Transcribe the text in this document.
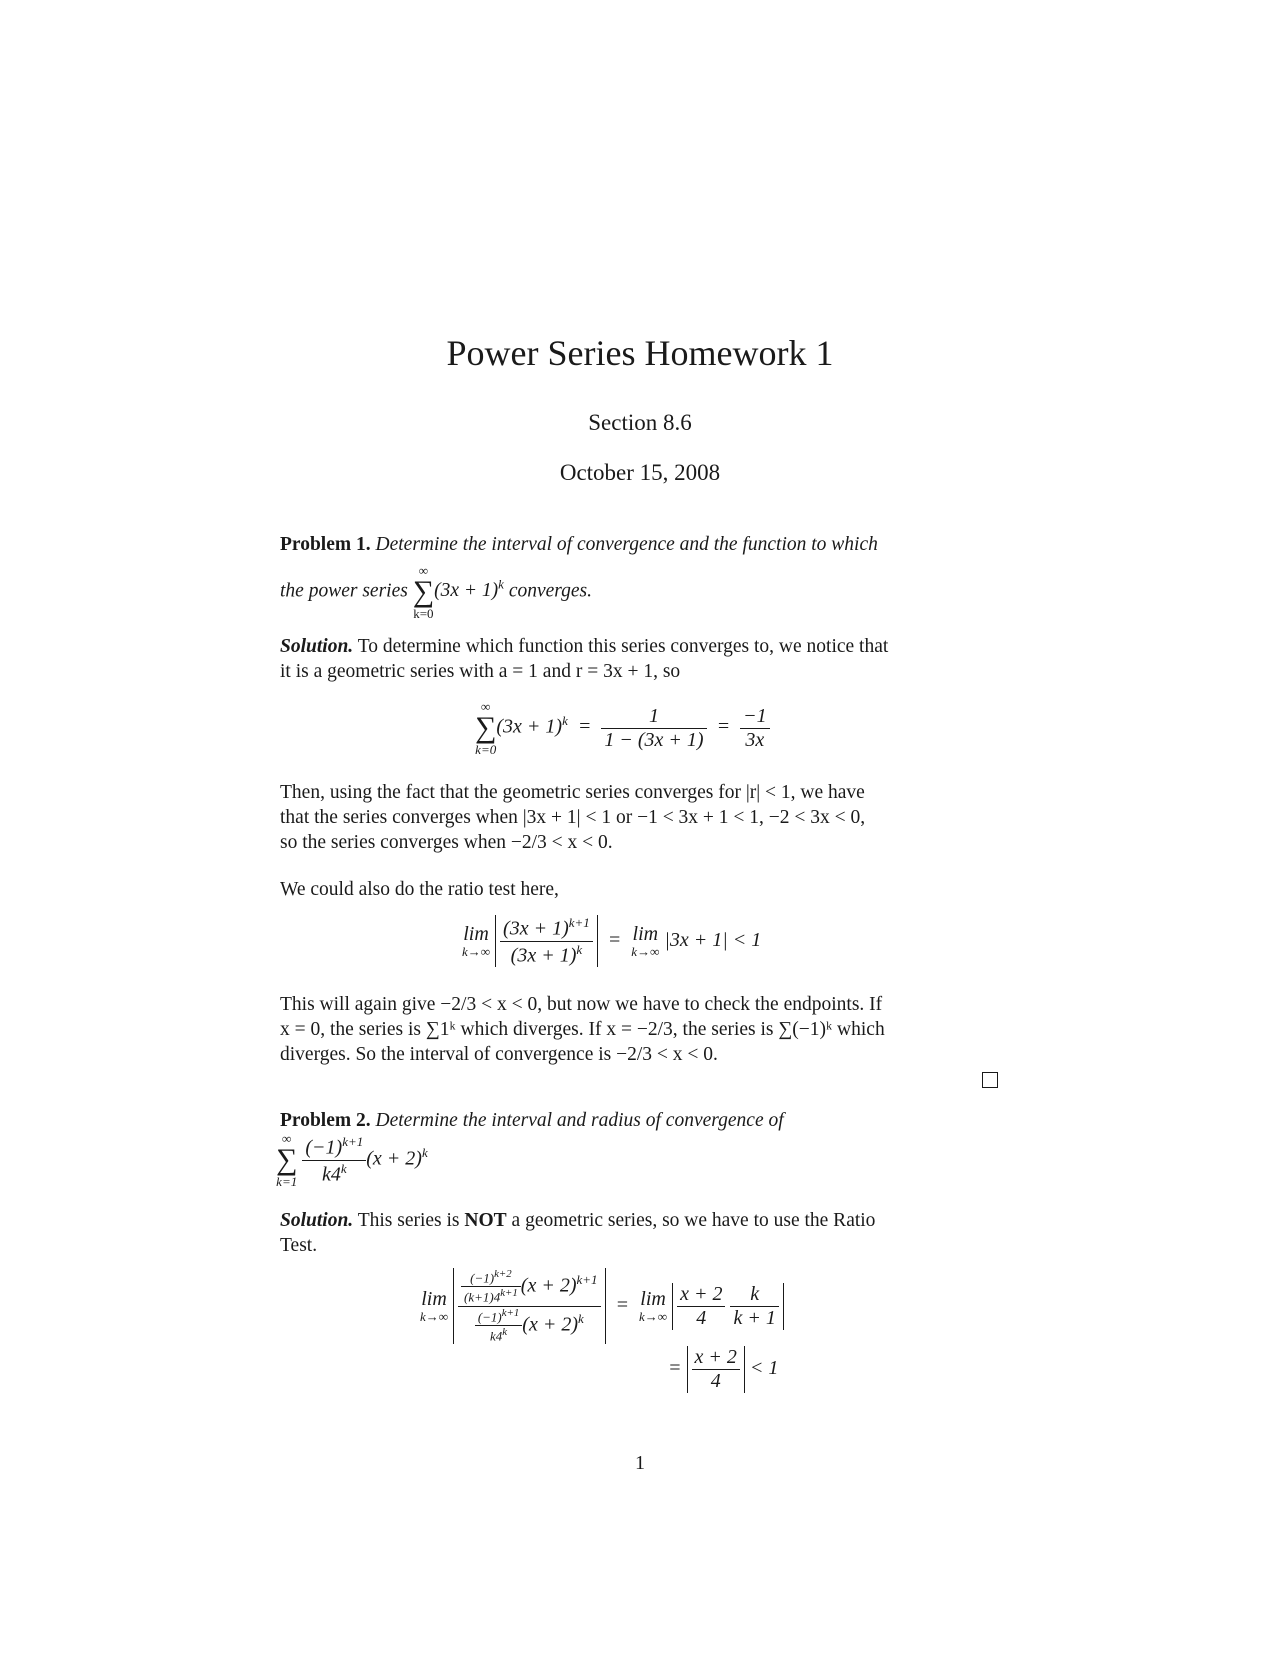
Power Series Homework 1
Section 8.6
October 15, 2008
Problem 1. Determine the interval of convergence and the function to which
the power series
∞
∑
k=0
$(3x + 1)^k$ converges.
Solution. To determine which function this series converges to, we notice that
it is a geometric series with a = 1 and r = 3x + 1, so
∞
∑
k=0
$(3x + 1)^k = \frac{1}{1 - (3x + 1)} = \frac{-1}{3x}$
Then, using the fact that the geometric series converges for |r| < 1, we have
that the series converges when |3x + 1| < 1 or −1 < 3x + 1 < 1, −2 < 3x < 0,
so the series converges when −2/3 < x < 0.
We could also do the ratio test here,
lim
k→∞
$\frac{(3x + 1)^{k+1}}{(3x + 1)^k} = \lim$
k→∞
|3x + 1| < 1
This will again give −2/3 < x < 0, but now we have to check the endpoints. If
x = 0, the series is ∑1ᵏ which diverges. If x = −2/3, the series is ∑(−1)ᵏ which
diverges. So the interval of convergence is −2/3 < x < 0.
Problem 2. Determine the interval and radius of convergence of
∞
∑
k=1
$\frac{(-1)^{k+1}}{k4^k} (x + 2)^k$
Solution. This series is NOT a geometric series, so we have to use the Ratio
Test.
lim
k→∞
$\frac{\frac{(-1)^{k+2}}{(k+1)4^{k+1}} (x + 2)^{k+1}}{\frac{(-1)^{k+1}}{k4^k} (x + 2)^k} = \lim$
k→∞
$\frac{x + 2}{4}$
$\frac{k}{k + 1}$
= $\frac{x + 2}{4} < 1$
1
